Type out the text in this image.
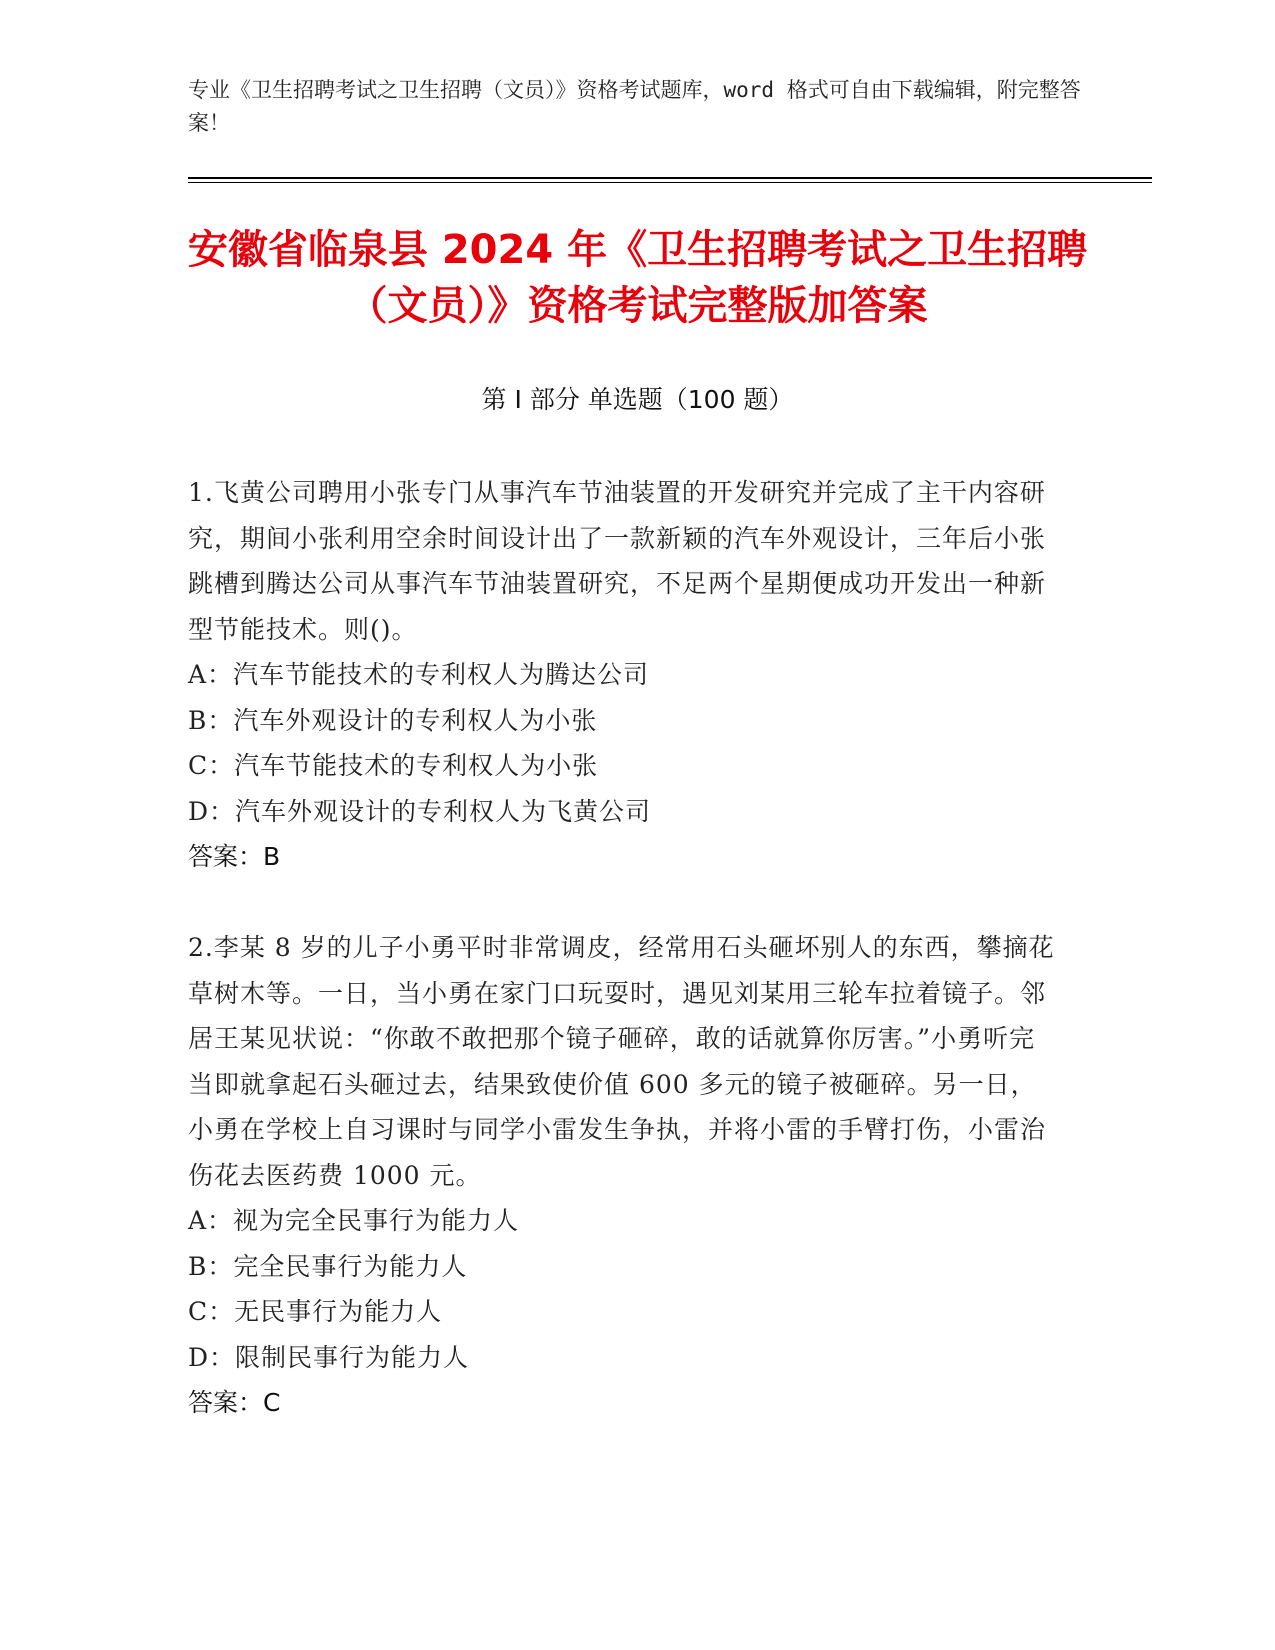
专业《卫生招聘考试之卫生招聘（文员）》资格考试题库，word 格式可自由下载编辑，附完整答案！
安徽省临泉县 2024 年《卫生招聘考试之卫生招聘（文员）》资格考试完整版加答案
第 I 部分 单选题（100 题）
1.飞黄公司聘用小张专门从事汽车节油装置的开发研究并完成了主干内容研究，期间小张利用空余时间设计出了一款新颖的汽车外观设计，三年后小张跳槽到腾达公司从事汽车节油装置研究，不足两个星期便成功开发出一种新型节能技术。则()。
A：汽车节能技术的专利权人为腾达公司
B：汽车外观设计的专利权人为小张
C：汽车节能技术的专利权人为小张
D：汽车外观设计的专利权人为飞黄公司
答案：B
2.李某 8 岁的儿子小勇平时非常调皮，经常用石头砸坏别人的东西，攀摘花草树木等。一日，当小勇在家门口玩耍时，遇见刘某用三轮车拉着镜子。邻居王某见状说：“你敢不敢把那个镜子砸碎，敢的话就算你厉害。”小勇听完当即就拿起石头砸过去，结果致使价值 600 多元的镜子被砸碎。另一日，小勇在学校上自习课时与同学小雷发生争执，并将小雷的手臂打伤，小雷治伤花去医药费 1000 元。
A：视为完全民事行为能力人
B：完全民事行为能力人
C：无民事行为能力人
D：限制民事行为能力人
答案：C
